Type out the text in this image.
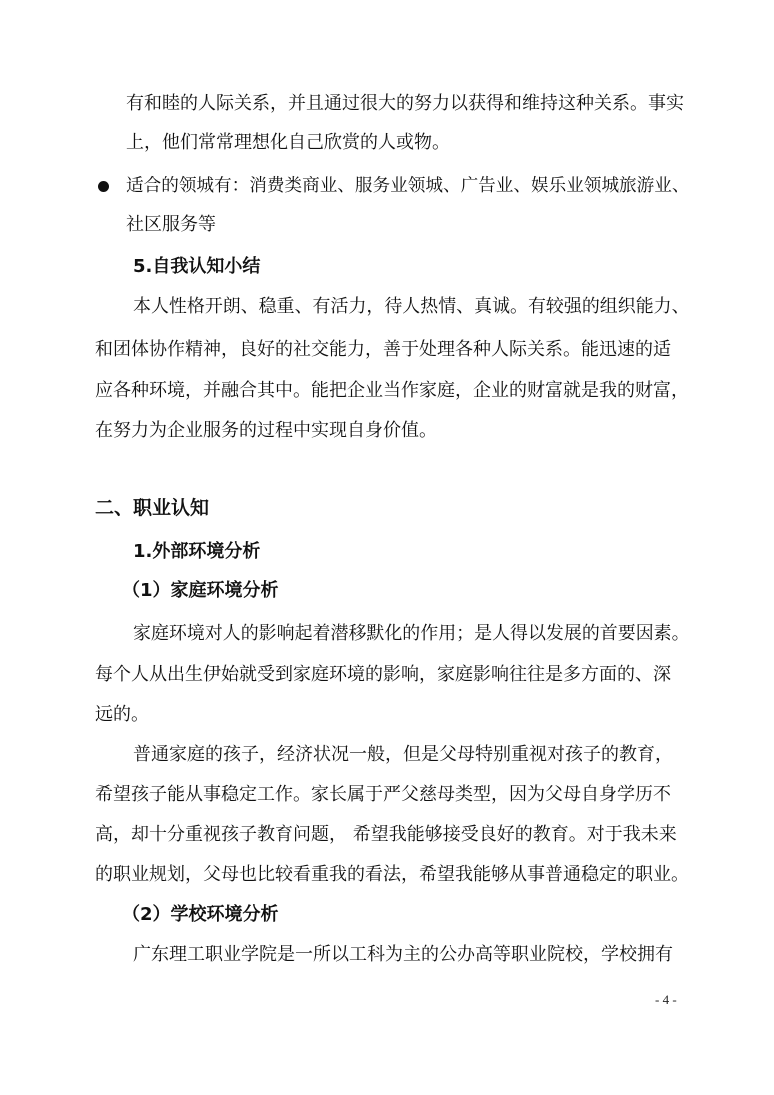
有和睦的人际关系，并且通过很大的努力以获得和维持这种关系。事实
上，他们常常理想化自己欣赏的人或物。
适合的领城有：消费类商业、服务业领城、广告业、娱乐业领城旅游业、
社区服务等
5.自我认知小结
本人性格开朗、稳重、有活力，待人热情、真诚。有较强的组织能力、
和团体协作精神，良好的社交能力，善于处理各种人际关系。能迅速的适
应各种环境，并融合其中。能把企业当作家庭，企业的财富就是我的财富，
在努力为企业服务的过程中实现自身价值。
二、职业认知
1.外部环境分析
（1）家庭环境分析
家庭环境对人的影响起着潜移默化的作用；是人得以发展的首要因素。
每个人从出生伊始就受到家庭环境的影响，家庭影响往往是多方面的、深
远的。
普通家庭的孩子，经济状况一般，但是父母特别重视对孩子的教育，
希望孩子能从事稳定工作。家长属于严父慈母类型，因为父母自身学历不
高，却十分重视孩子教育问题， 希望我能够接受良好的教育。对于我未来
的职业规划，父母也比较看重我的看法，希望我能够从事普通稳定的职业。
（2）学校环境分析
广东理工职业学院是一所以工科为主的公办高等职业院校，学校拥有
- 4 -
